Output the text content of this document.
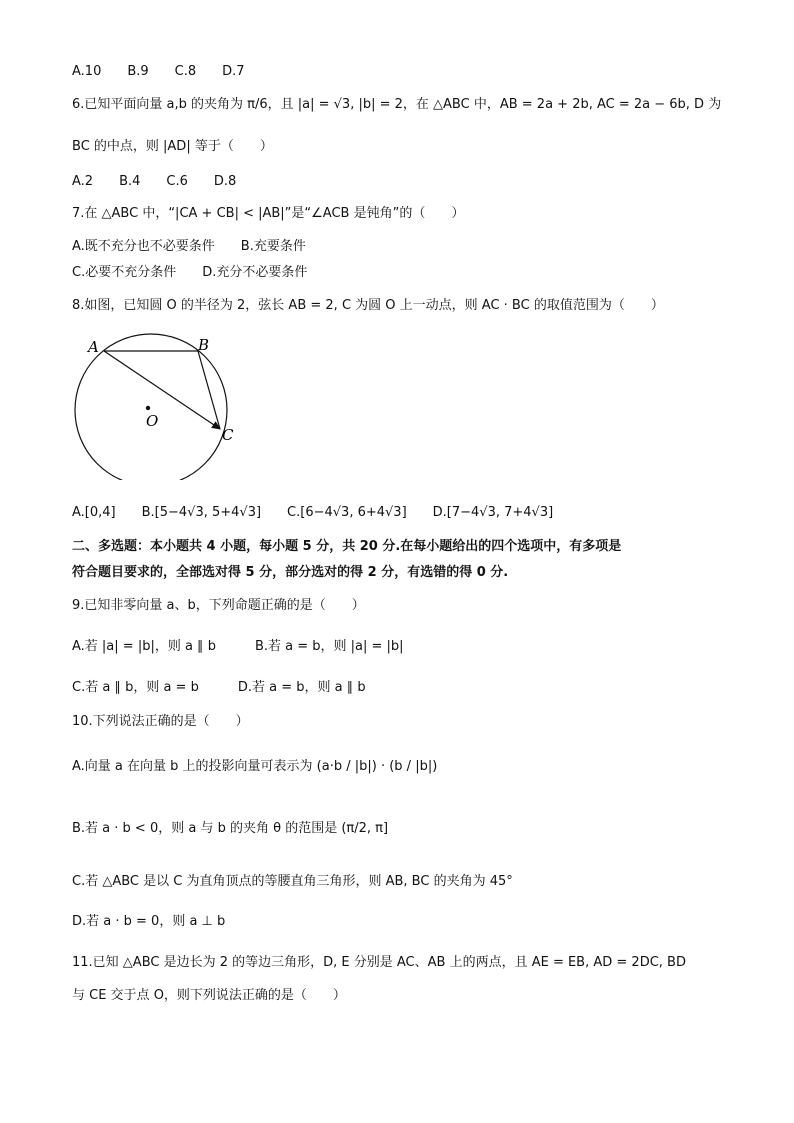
A.10　　B.9　　C.8　　D.7
6.已知平面向量 a,b 的夹角为 π/6，且 |a| = √3, |b| = 2，在 △ABC 中，AB = 2a + 2b, AC = 2a − 6b, D 为
BC 的中点，则 |AD| 等于（　　）
A.2　　B.4　　C.6　　D.8
7.在 △ABC 中，“|CA + CB| < |AB|”是“∠ACB 是钝角”的（　　）
A.既不充分也不必要条件　　B.充要条件
C.必要不充分条件　　D.充分不必要条件
8.如图，已知圆 O 的半径为 2，弦长 AB = 2, C 为圆 O 上一动点，则 AC · BC 的取值范围为（　　）
A	B
C
O
A.[0,4]　　B.[5−4√3, 5+4√3]　　C.[6−4√3, 6+4√3]　　D.[7−4√3, 7+4√3]
二、多选题：本小题共 4 小题，每小题 5 分，共 20 分.在每小题给出的四个选项中，有多项是
符合题目要求的，全部选对得 5 分，部分选对的得 2 分，有选错的得 0 分.
9.已知非零向量 a、b，下列命题正确的是（　　）
A.若 |a| = |b|，则 a ∥ b　　　B.若 a = b，则 |a| = |b|
C.若 a ∥ b，则 a = b　　　D.若 a = b，则 a ∥ b
10.下列说法正确的是（　　）
A.向量 a 在向量 b 上的投影向量可表示为 (a·b / |b|) · (b / |b|)
B.若 a · b < 0，则 a 与 b 的夹角 θ 的范围是 (π/2, π]
C.若 △ABC 是以 C 为直角顶点的等腰直角三角形，则 AB, BC 的夹角为 45°
D.若 a · b = 0，则 a ⊥ b
11.已知 △ABC 是边长为 2 的等边三角形，D, E 分别是 AC、AB 上的两点，且 AE = EB, AD = 2DC, BD
与 CE 交于点 O，则下列说法正确的是（　　）
